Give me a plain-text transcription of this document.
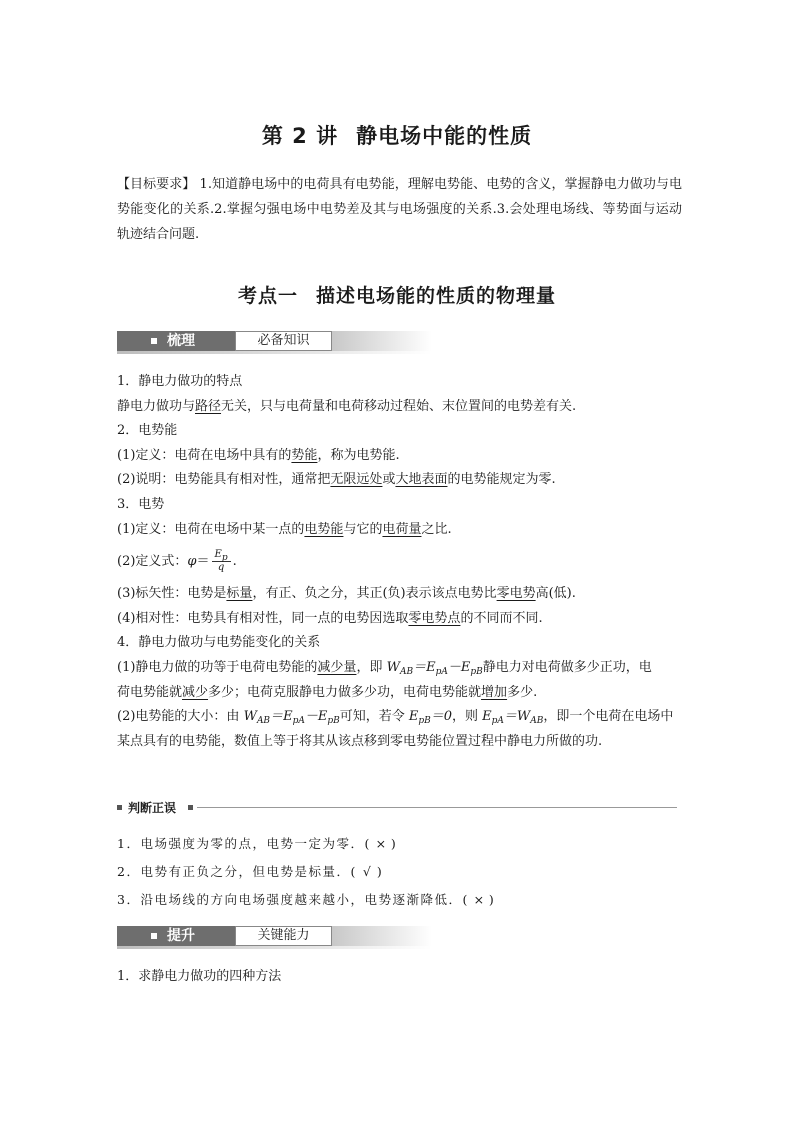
第 2 讲 静电场中能的性质
【目标要求】 1.知道静电场中的电荷具有电势能，理解电势能、电势的含义，掌握静电力做功与电势能变化的关系.2.掌握匀强电场中电势差及其与电场强度的关系.3.会处理电场线、等势面与运动轨迹结合问题.
考点一 描述电场能的性质的物理量
梳理	必备知识
1．静电力做功的特点
静电力做功与路径无关，只与电荷量和电荷移动过程始、末位置间的电势差有关.
2．电势能
(1)定义：电荷在电场中具有的势能，称为电势能.
(2)说明：电势能具有相对性，通常把无限远处或大地表面的电势能规定为零.
3．电势
(1)定义：电荷在电场中某一点的电势能与它的电荷量之比.
(2)定义式：$\varphi= \frac{E_p}{q}$ .
(3)标矢性：电势是标量，有正、负之分，其正(负)表示该点电势比零电势高(低).
(4)相对性：电势具有相对性，同一点的电势因选取零电势点的不同而不同.
4．静电力做功与电势能变化的关系
(1)静电力做的功等于电荷电势能的减少量，即 $W_{AB}=E_{pA}-E_{pB}$静电力对电荷做多少正功，电
荷电势能就减少多少；电荷克服静电力做多少功，电荷电势能就增加多少.
(2)电势能的大小：由 $W_{AB}=E_{pA}-E_{pB}$可知，若令 $E_{pB}=0$，则 $E_{pA}=W_{AB}$，即一个电荷在电场中
某点具有的电势能，数值上等于将其从该点移到零电势能位置过程中静电力所做的功.
判断正误
1．电场强度为零的点，电势一定为零．( × )
2．电势有正负之分，但电势是标量．( √ )
3．沿电场线的方向电场强度越来越小，电势逐渐降低．( × )
提升	关键能力
1．求静电力做功的四种方法
